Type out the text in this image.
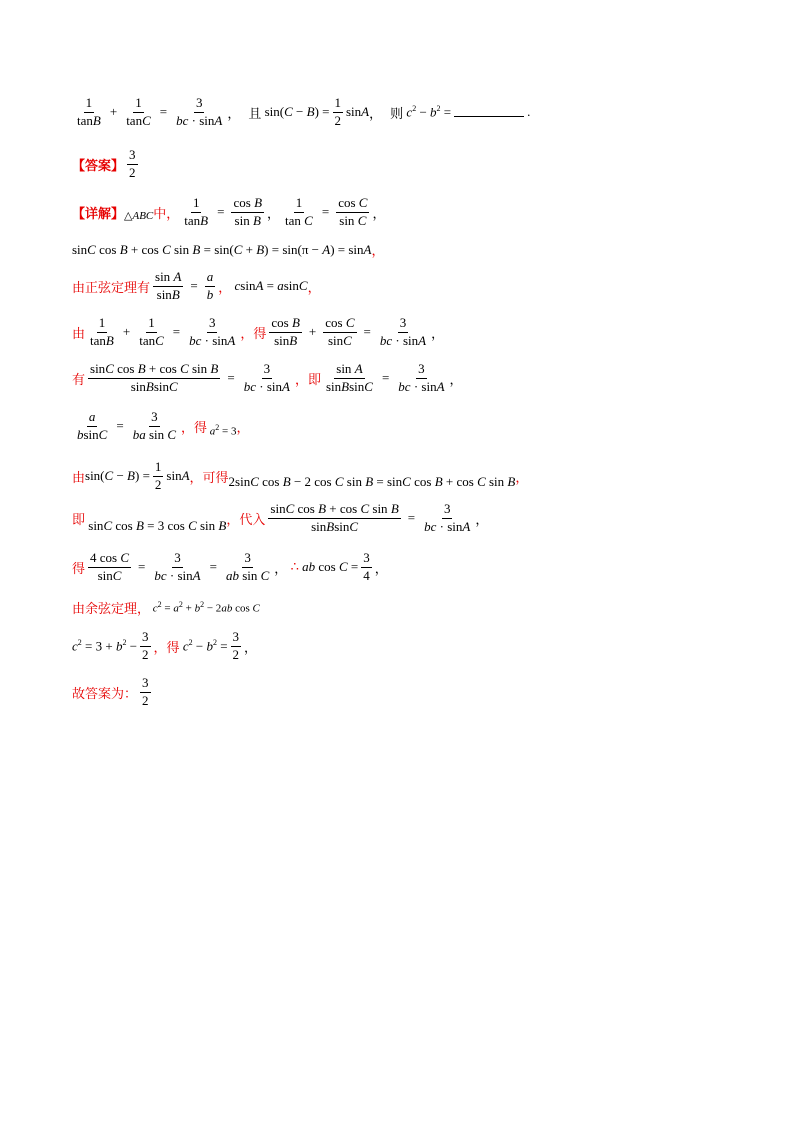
$\frac{1}{\tan B} + \frac{1}{\tan C} = \frac{3}{bc \cdot \sin A}$ ， 且 $\sin(C - B) = \frac{1}{2}$ sinA ， 则 $c^2 - b^2$ =	.
【答案】 $\frac{3}{2}$
【详解】 △ABC 中， $\frac{1}{\tan B} = \frac{\text{cos B}}{\text{sin B}}$ ， $\frac{1}{\text{tan C}} = \frac{\text{cos C}}{\text{sin C}}$ ，
sinC cos B + cos C sin B = sin(C + B) = sin(π − A) = sinA ，
由正弦定理有 $\frac{\text{sin A}}{\sin B} = \frac{a}{b}$ ， csinA = asinC ，
由 $\frac{1}{\tan B} + \frac{1}{\tan C} = \frac{3}{bc \cdot \sin A}$ ，得 $\frac{\text{cos B}}{\sin B} + \frac{\text{cos C}}{\sin C} = \frac{3}{bc \cdot \sin A}$ ，
有 $\frac{\text{sinC cos B + cos C sin B}}{\text{sinBsinC}} = \frac{3}{bc \cdot \sin A}$ ，即 $\frac{\text{sin A}}{\text{sinBsinC}} = \frac{3}{bc \cdot \sin A}$ ，
$\frac{a}{bsinC} = \frac{3}{\text{ba sin C}}$ ，得 $a^2 = 3$ ，
由 $\sin(C - B) = \frac{1}{2}$ sinA ，可得 2sinC cos B − 2 cos C sin B = sinC cos B + cos C sin B ，
即 sinC cos B = 3 cos C sin B ， 代入 $\frac{\text{sinC cos B + cos C sin B}}{\text{sinBsinC}} = \frac{3}{bc \cdot \sin A}$ ，
得 $\frac{\text{4 cos C}}{\sin C} = \frac{3}{bc \cdot \sin A} = \frac{3}{\text{ab sin C}}$ ， ∴ ab $\cos C = \frac{3}{4}$ ，
由余弦定理， $c^2 = a^2 + b^2 - 2ab$ cos C
$c^2 = 3 + b^2 - \frac{3}{2}$ ，得 $c^2 - b^2 = \frac{3}{2}$ ，
故答案为： $\frac{3}{2}$
